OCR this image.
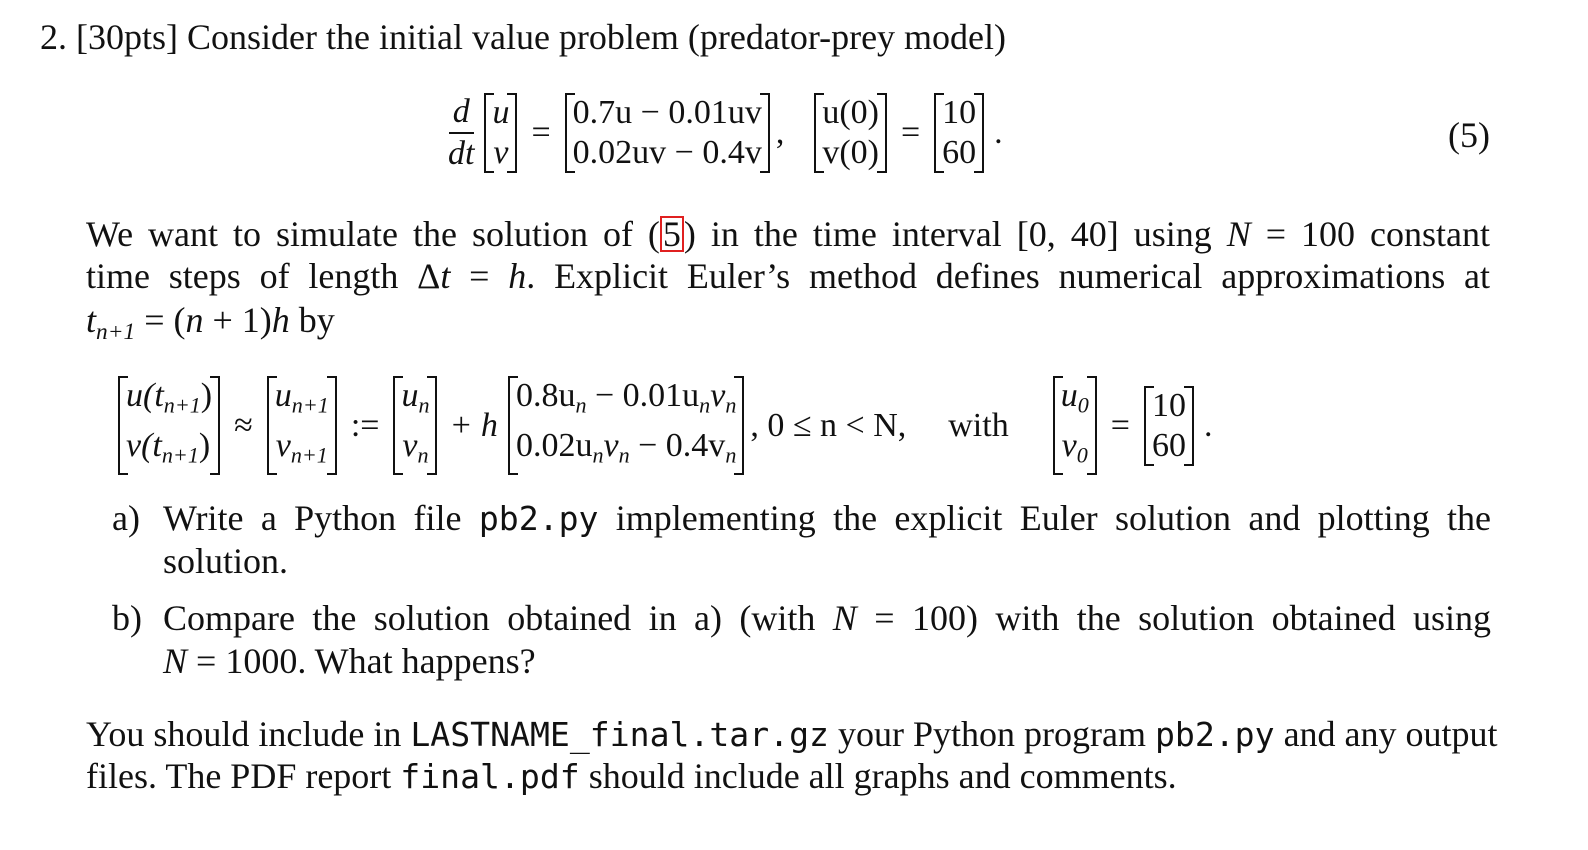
2. [30pts] Consider the initial value problem (predator-prey model)
$\frac{d}{dt}$ u
v
=
0.7u − 0.01uv
0.02uv − 0.4v
,
u(0)
v(0)
=
10
60
.	(5)
We want to simulate the solution of (5) in the time interval [0, 40] using N = 100 constant
time steps of length Δt = h. Explicit Euler’s method defines numerical approximations at
$t_{n+1} = (n + 1)h$ by
$u(t_{n+1})$
$v(t_{n+1})$
≈
$u_{n+1}$
$v_{n+1}$
:=
$u_n$
$v_n$
+ h
$0.8u_n - 0.01u_nv_n$
$0.02u_nv_n - 0.4v_n$
, 0 ≤ n < N, with
$u_0$
$v_0$
=
10
60
.
a) Write a Python file pb2.py implementing the explicit Euler solution and plotting the
solution.
b) Compare the solution obtained in a) (with N = 100) with the solution obtained using
N = 1000. What happens?
You should include in LASTNAME_final.tar.gz your Python program pb2.py and any output
files. The PDF report final.pdf should include all graphs and comments.
